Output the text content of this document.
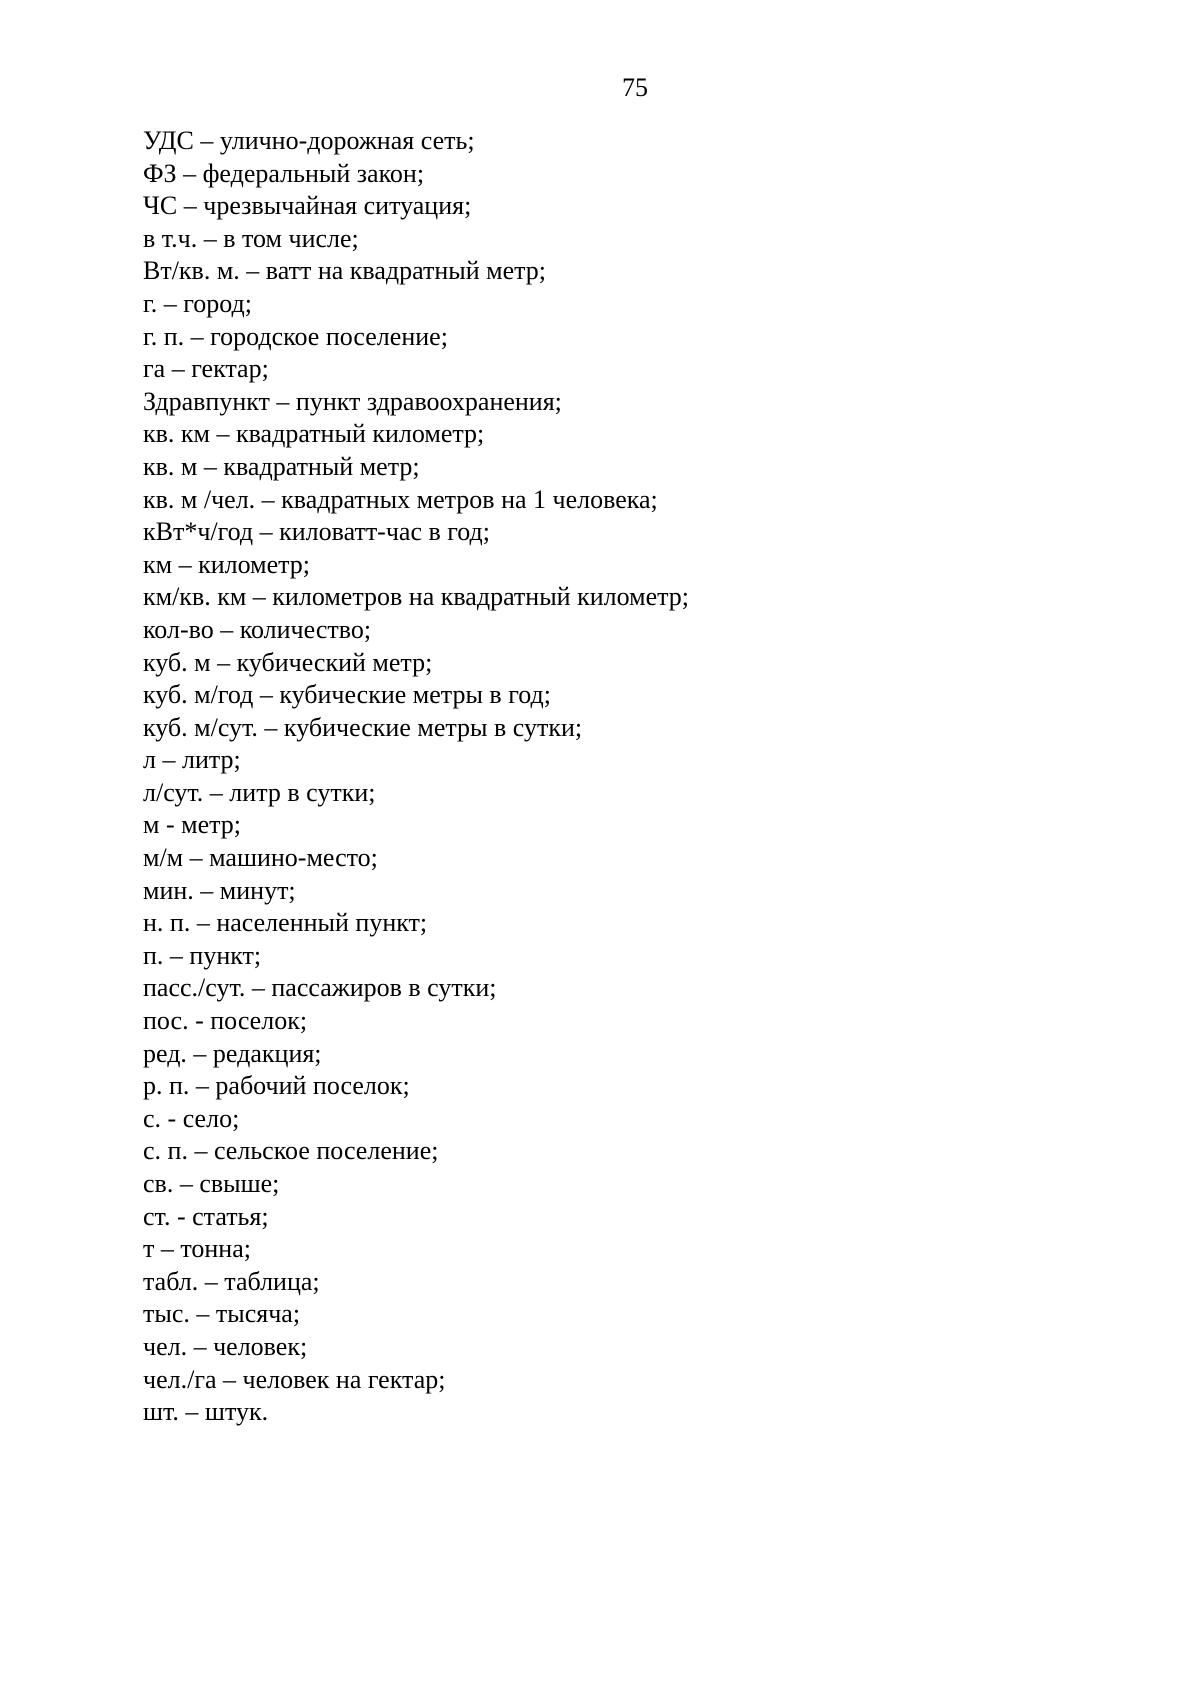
75
УДС – улично-дорожная сеть;
ФЗ – федеральный закон;
ЧС – чрезвычайная ситуация;
в т.ч. – в том числе;
Вт/кв. м. – ватт на квадратный метр;
г. – город;
г. п. – городское поселение;
га – гектар;
Здравпункт – пункт здравоохранения;
кв. км – квадратный километр;
кв. м – квадратный метр;
кв. м /чел. – квадратных метров на 1 человека;
кВт*ч/год – киловатт-час в год;
км – километр;
км/кв. км – километров на квадратный километр;
кол-во – количество;
куб. м – кубический метр;
куб. м/год – кубические метры в год;
куб. м/сут. – кубические метры в сутки;
л – литр;
л/сут. – литр в сутки;
м - метр;
м/м – машино-место;
мин. – минут;
н. п. – населенный пункт;
п. – пункт;
пасс./сут. – пассажиров в сутки;
пос. - поселок;
ред. – редакция;
р. п. – рабочий поселок;
с. - село;
с. п. – сельское поселение;
св. – свыше;
ст. - статья;
т – тонна;
табл. – таблица;
тыс. – тысяча;
чел. – человек;
чел./га – человек на гектар;
шт. – штук.
